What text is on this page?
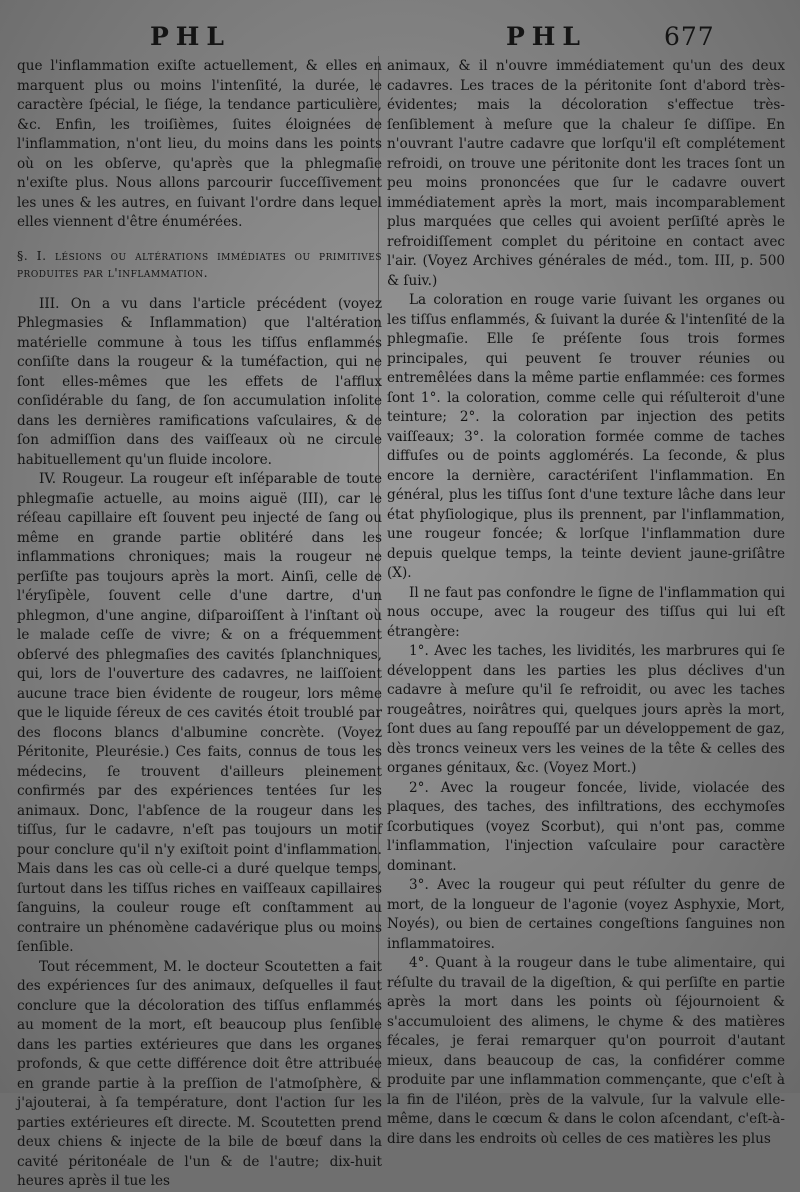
PHL	PHL	677

que l'inflammation exiſte actuellement, & elles en marquent plus ou moins l'intenſité, la durée, le caractère ſpécial, le ſiége, la tendance particulière, &c. Enfin, les troiſièmes, ſuites éloignées de l'inflammation, n'ont lieu, du moins dans les points où on les obſerve, qu'après que la phlegmaſie n'exiſte plus. Nous allons parcourir ſucceſſivement les unes & les autres, en ſuivant l'ordre dans lequel elles viennent d'être énumérées.

§. I. lésions ou altérations immédiates ou primitives produites par l'inflammation.

III. On a vu dans l'article précédent (voyez Phlegmasies & Inflammation) que l'altération matérielle commune à tous les tiſſus enflammés conſiſte dans la rougeur & la tuméfaction, qui ne ſont elles-mêmes que les effets de l'afflux conſidérable du ſang, de ſon accumulation inſolite dans les dernières ramifications vaſculaires, & de ſon admiſſion dans des vaiſſeaux où ne circule habituellement qu'un fluide incolore.

IV. Rougeur. La rougeur eſt inſéparable de toute phlegmaſie actuelle, au moins aiguë (III), car le réſeau capillaire eſt ſouvent peu injecté de ſang ou même en grande partie oblitéré dans les inflammations chroniques; mais la rougeur ne perſiſte pas toujours après la mort. Ainſi, celle de l'éryſipèle, ſouvent celle d'une dartre, d'un phlegmon, d'une angine, diſparoiſſent à l'inſtant où le malade ceſſe de vivre; & on a fréquemment obſervé des phlegmaſies des cavités ſplanchniques, qui, lors de l'ouverture des cadavres, ne laiſſoient aucune trace bien évidente de rougeur, lors même que le liquide ſéreux de ces cavités étoit troublé par des flocons blancs d'albumine concrète. (Voyez Péritonite, Pleurésie.) Ces faits, connus de tous les médecins, ſe trouvent d'ailleurs pleinement confirmés par des expériences tentées ſur les animaux. Donc, l'abſence de la rougeur dans les tiſſus, ſur le cadavre, n'eſt pas toujours un motif pour conclure qu'il n'y exiſtoit point d'inflammation. Mais dans les cas où celle-ci a duré quelque temps, ſurtout dans les tiſſus riches en vaiſſeaux capillaires ſanguins, la couleur rouge eſt conſtamment au contraire un phénomène cadavérique plus ou moins ſenſible.

Tout récemment, M. le docteur Scoutetten a fait des expériences ſur des animaux, deſquelles il faut conclure que la décoloration des tiſſus enflammés au moment de la mort, eſt beaucoup plus ſenſible dans les parties extérieures que dans les organes profonds, & que cette différence doit être attribuée en grande partie à la preſſion de l'atmoſphère, & j'ajouterai, à ſa température, dont l'action ſur les parties extérieures eſt directe. M. Scoutetten prend deux chiens & injecte de la bile de bœuf dans la cavité péritonéale de l'un & de l'autre; dix-huit heures après il tue les

animaux, & il n'ouvre immédiatement qu'un des deux cadavres. Les traces de la péritonite ſont d'abord très-évidentes; mais la décoloration s'effectue très-ſenſiblement à meſure que la chaleur ſe diſſipe. En n'ouvrant l'autre cadavre que lorſqu'il eſt complétement refroidi, on trouve une péritonite dont les traces ſont un peu moins prononcées que ſur le cadavre ouvert immédiatement après la mort, mais incomparablement plus marquées que celles qui avoient perſiſté après le refroidiſſement complet du péritoine en contact avec l'air. (Voyez Archives générales de méd., tom. III, p. 500 & ſuiv.)

La coloration en rouge varie ſuivant les organes ou les tiſſus enflammés, & ſuivant la durée & l'intenſité de la phlegmaſie. Elle ſe préſente ſous trois formes principales, qui peuvent ſe trouver réunies ou entremêlées dans la même partie enflammée: ces formes ſont 1°. la coloration, comme celle qui réſulteroit d'une teinture; 2°. la coloration par injection des petits vaiſſeaux; 3°. la coloration formée comme de taches diffuſes ou de points agglomérés. La ſeconde, & plus encore la dernière, caractériſent l'inflammation. En général, plus les tiſſus ſont d'une texture lâche dans leur état phyſiologique, plus ils prennent, par l'inflammation, une rougeur foncée; & lorſque l'inflammation dure depuis quelque temps, la teinte devient jaune-griſâtre (X).

Il ne faut pas confondre le ſigne de l'inflammation qui nous occupe, avec la rougeur des tiſſus qui lui eſt étrangère:

1°. Avec les taches, les lividités, les marbrures qui ſe développent dans les parties les plus déclives d'un cadavre à meſure qu'il ſe refroidit, ou avec les taches rougeâtres, noirâtres qui, quelques jours après la mort, ſont dues au ſang repouſſé par un développement de gaz, dès troncs veineux vers les veines de la tête & celles des organes génitaux, &c. (Voyez Mort.)

2°. Avec la rougeur foncée, livide, violacée des plaques, des taches, des infiltrations, des ecchymoſes ſcorbutiques (voyez Scorbut), qui n'ont pas, comme l'inflammation, l'injection vaſculaire pour caractère dominant.

3°. Avec la rougeur qui peut réſulter du genre de mort, de la longueur de l'agonie (voyez Asphyxie, Mort, Noyés), ou bien de certaines congeſtions ſanguines non inflammatoires.

4°. Quant à la rougeur dans le tube alimentaire, qui réſulte du travail de la digeſtion, & qui perſiſte en partie après la mort dans les points où ſéjournoient & s'accumuloient des alimens, le chyme & des matières fécales, je ferai remarquer qu'on pourroit d'autant mieux, dans beaucoup de cas, la confidérer comme produite par une inflammation commençante, que c'eſt à la fin de l'iléon, près de la valvule, ſur la valvule elle-même, dans le cœcum & dans le colon aſcendant, c'eſt-à-dire dans les endroits où celles de ces matières les plus
